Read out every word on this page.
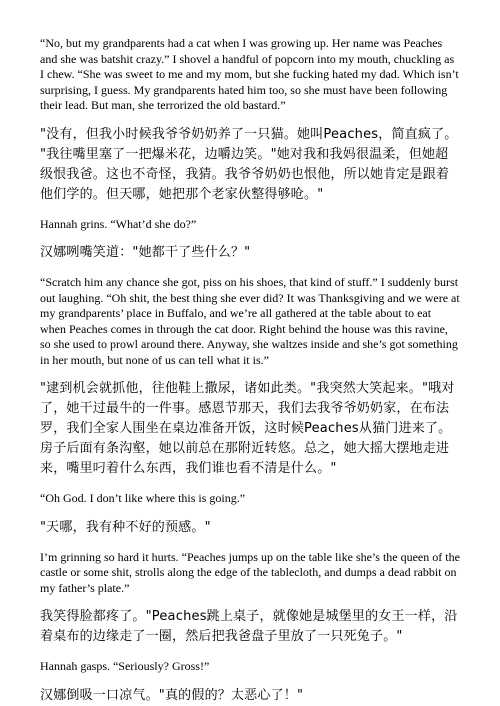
“No, but my grandparents had a cat when I was growing up. Her name was Peaches and she was batshit crazy.” I shovel a handful of popcorn into my mouth, chuckling as I chew. “She was sweet to me and my mom, but she fucking hated my dad. Which isn’t surprising, I guess. My grandparents hated him too, so she must have been following their lead. But man, she terrorized the old bastard.”

"没有，但我小时候我爷爷奶奶养了一只猫。她叫Peaches，简直疯了。"我往嘴里塞了一把爆米花，边嚼边笑。"她对我和我妈很温柔，但她超级恨我爸。这也不奇怪，我猜。我爷爷奶奶也恨他，所以她肯定是跟着他们学的。但天哪，她把那个老家伙整得够呛。"

Hannah grins. “What’d she do?”

汉娜咧嘴笑道："她都干了些什么？"

“Scratch him any chance she got, piss on his shoes, that kind of stuff.” I suddenly burst out laughing. “Oh shit, the best thing she ever did? It was Thanksgiving and we were at my grandparents’ place in Buffalo, and we’re all gathered at the table about to eat when Peaches comes in through the cat door. Right behind the house was this ravine, so she used to prowl around there. Anyway, she waltzes inside and she’s got something in her mouth, but none of us can tell what it is.”

"逮到机会就抓他，往他鞋上撒尿，诸如此类。"我突然大笑起来。"哦对了，她干过最牛的一件事。感恩节那天，我们去我爷爷奶奶家，在布法罗，我们全家人围坐在桌边准备开饭，这时候Peaches从猫门进来了。房子后面有条沟壑，她以前总在那附近转悠。总之，她大摇大摆地走进来，嘴里叼着什么东西，我们谁也看不清是什么。"

“Oh God. I don’t like where this is going.”

"天哪，我有种不好的预感。"

I’m grinning so hard it hurts. “Peaches jumps up on the table like she’s the queen of the castle or some shit, strolls along the edge of the tablecloth, and dumps a dead rabbit on my father’s plate.”

我笑得脸都疼了。"Peaches跳上桌子，就像她是城堡里的女王一样，沿着桌布的边缘走了一圈，然后把我爸盘子里放了一只死兔子。"

Hannah gasps. “Seriously? Gross!”

汉娜倒吸一口凉气。"真的假的？太恶心了！"
